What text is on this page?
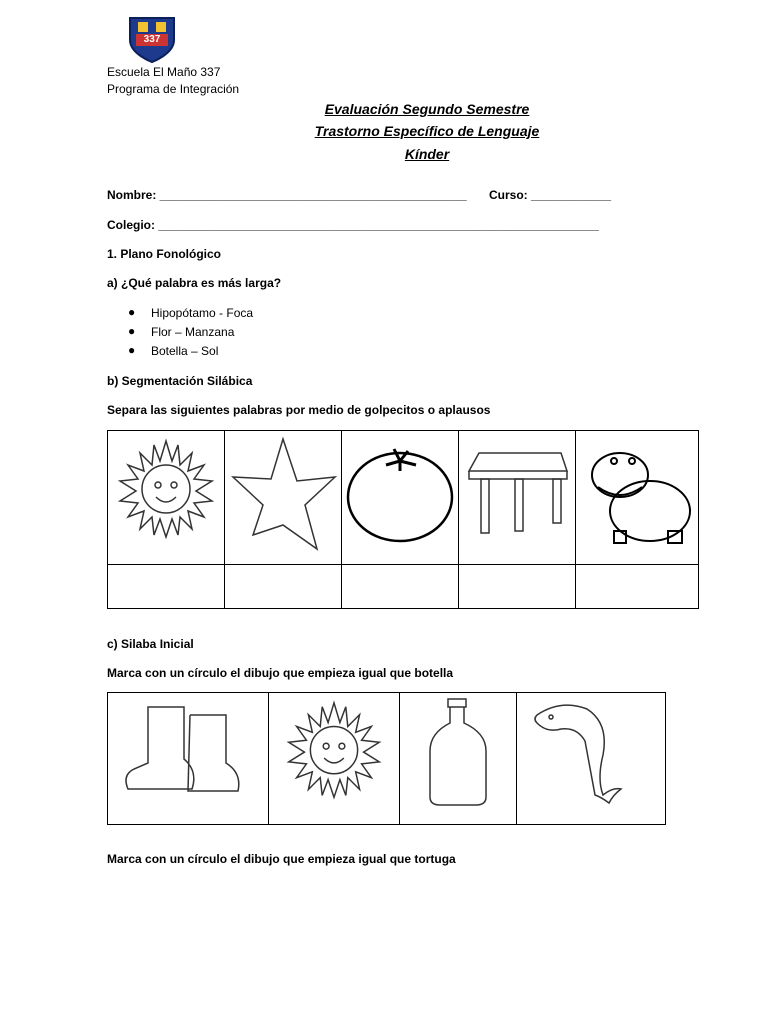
337
Escuela El Maño 337
Programa de Integración
Evaluación Segundo Semestre
Trastorno Específico de Lenguaje
Kínder
Nombre: ______________________________________________ Curso: ____________
Colegio: __________________________________________________________________
1. Plano Fonológico
a) ¿Qué palabra es más larga?
● Hipopótamo - Foca
● Flor – Manzana
● Botella – Sol
b) Segmentación Silábica
Separa las siguientes palabras por medio de golpecitos o aplausos

c) Silaba Inicial
Marca con un círculo el dibujo que empieza igual que botella

Marca con un círculo el dibujo que empieza igual que tortuga
